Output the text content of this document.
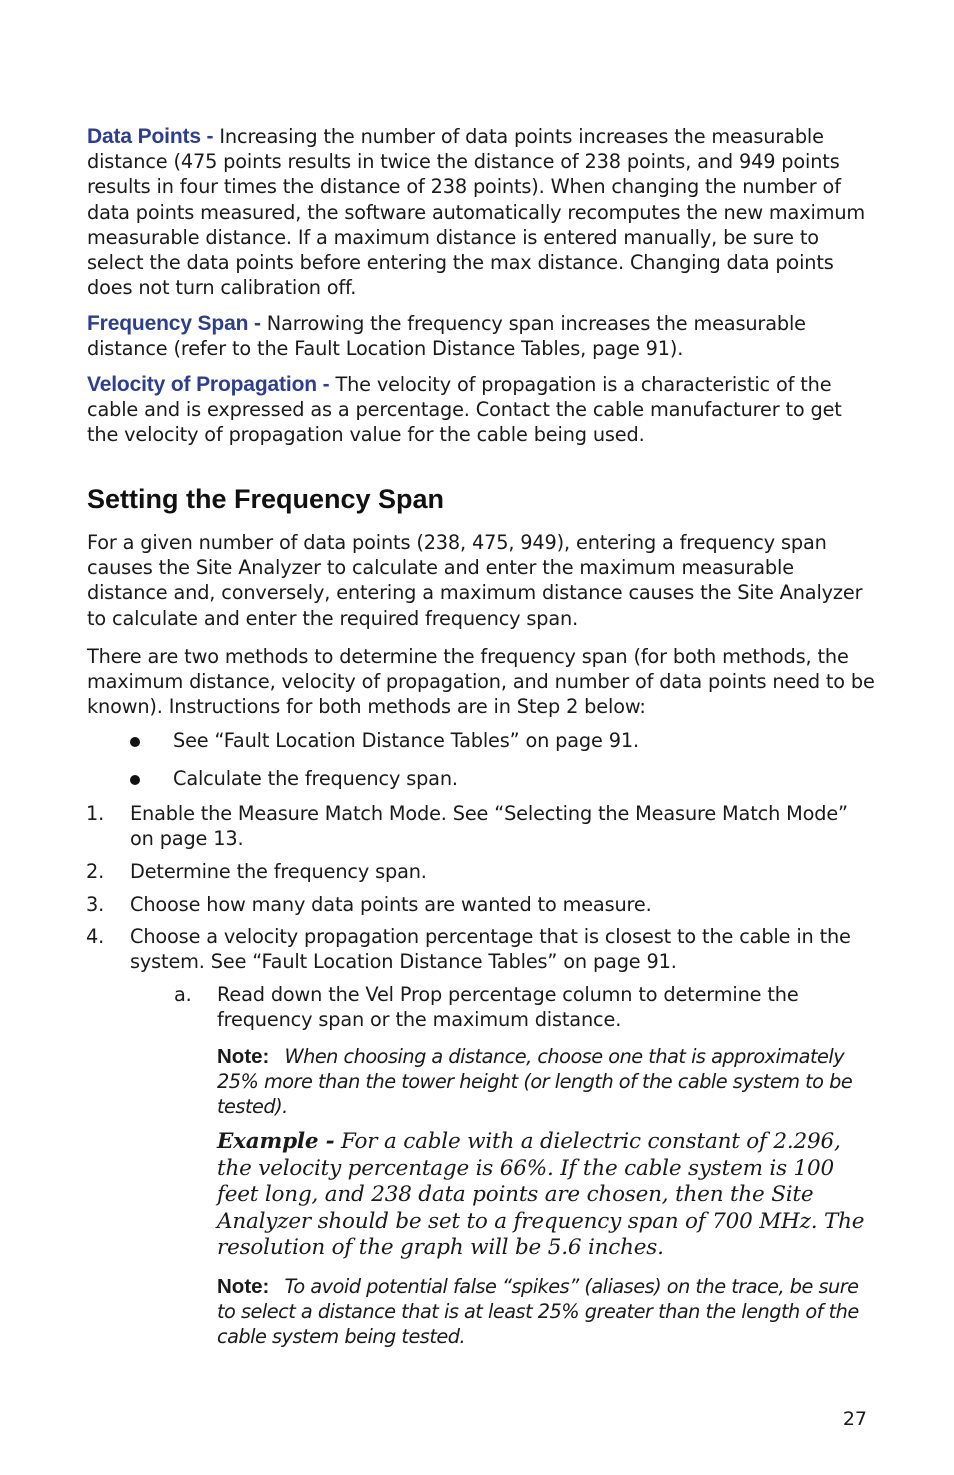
Data Points - Increasing the number of data points increases the measurable distance (475 points results in twice the distance of 238 points, and 949 points results in four times the distance of 238 points). When changing the number of data points measured, the software automatically recomputes the new maximum measurable distance. If a maximum distance is entered manually, be sure to select the data points before entering the max distance. Changing data points does not turn calibration off.
Frequency Span - Narrowing the frequency span increases the measurable distance (refer to the Fault Location Distance Tables, page 91).
Velocity of Propagation - The velocity of propagation is a characteristic of the cable and is expressed as a percentage. Contact the cable manufacturer to get the velocity of propagation value for the cable being used.
Setting the Frequency Span
For a given number of data points (238, 475, 949), entering a frequency span causes the Site Analyzer to calculate and enter the maximum measurable distance and, conversely, entering a maximum distance causes the Site Analyzer to calculate and enter the required frequency span.
There are two methods to determine the frequency span (for both methods, the maximum distance, velocity of propagation, and number of data points need to be known). Instructions for both methods are in Step 2 below:
See “Fault Location Distance Tables” on page 91.
Calculate the frequency span.
1. Enable the Measure Match Mode. See “Selecting the Measure Match Mode” on page 13.
2. Determine the frequency span.
3. Choose how many data points are wanted to measure.
4. Choose a velocity propagation percentage that is closest to the cable in the system. See “Fault Location Distance Tables” on page 91.
a. Read down the Vel Prop percentage column to determine the frequency span or the maximum distance.
Note: When choosing a distance, choose one that is approximately 25% more than the tower height (or length of the cable system to be tested).
Example - For a cable with a dielectric constant of 2.296, the velocity percentage is 66%. If the cable system is 100 feet long, and 238 data points are chosen, then the Site Analyzer should be set to a frequency span of 700 MHz. The resolution of the graph will be 5.6 inches.
Note: To avoid potential false “spikes” (aliases) on the trace, be sure to select a distance that is at least 25% greater than the length of the cable system being tested.
27
